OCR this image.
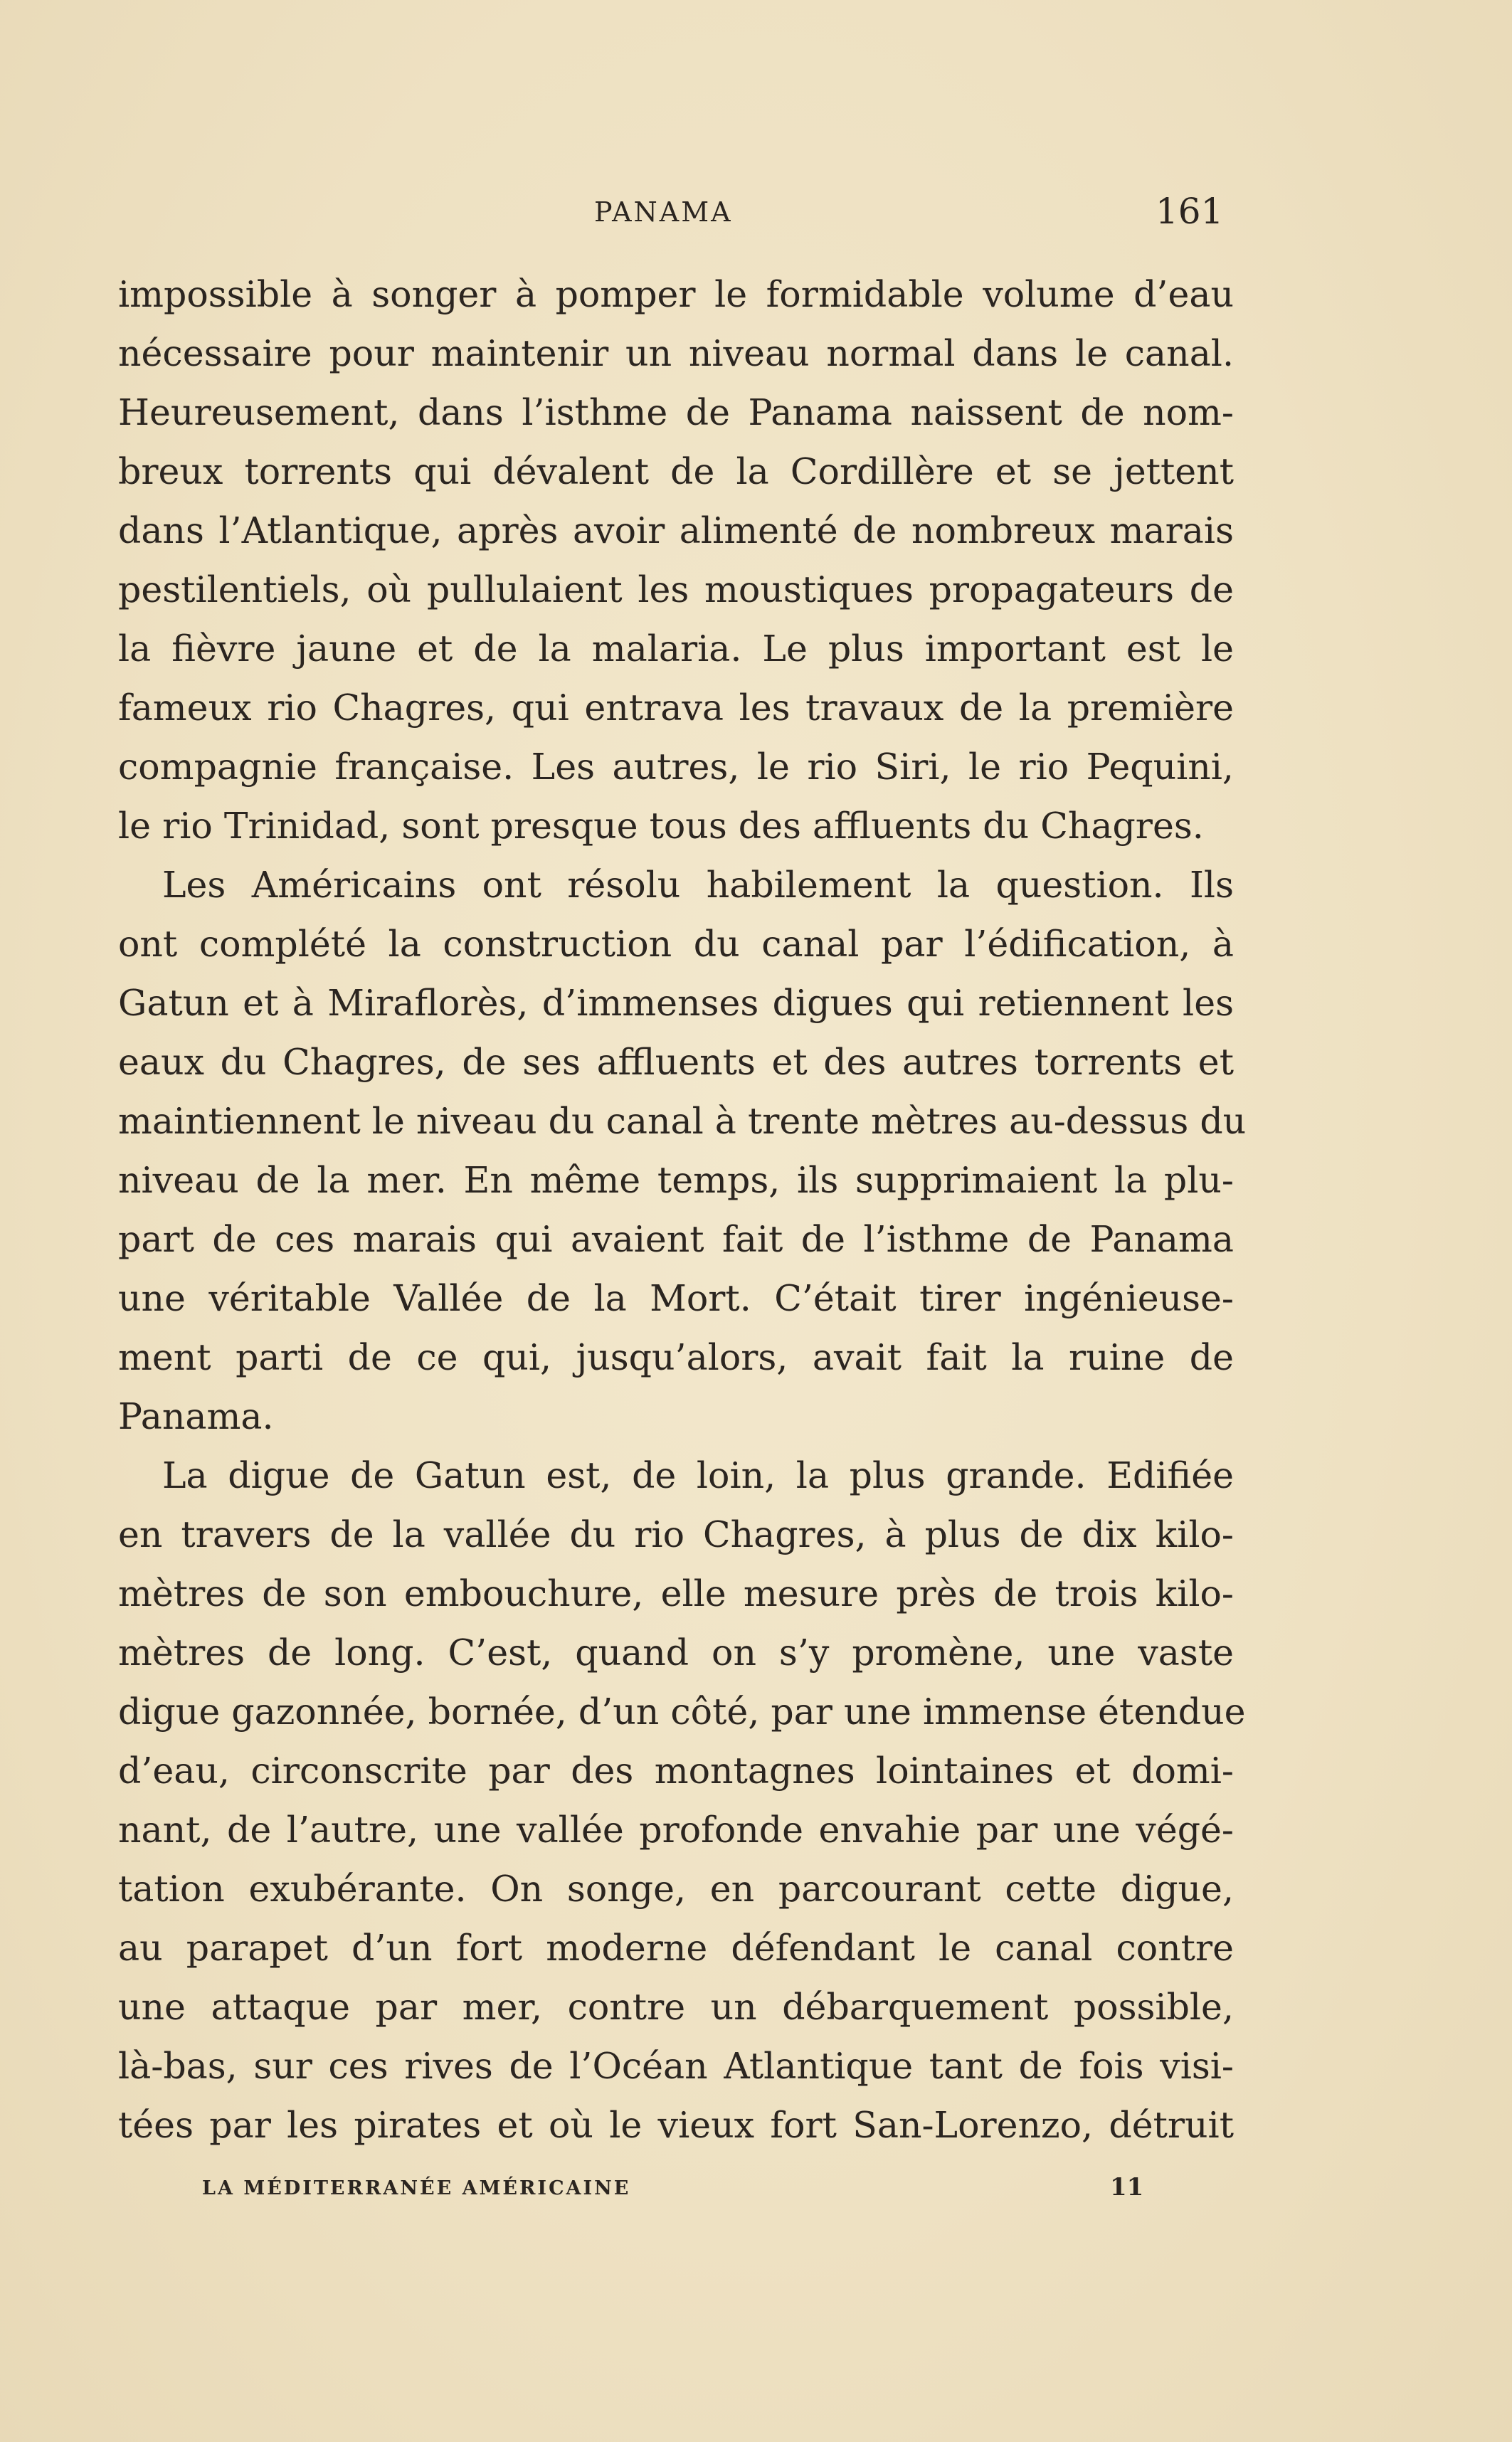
PANAMA	161
impossible à songer à pomper le formidable volume d’eau
nécessaire pour maintenir un niveau normal dans le canal.
Heureusement, dans l’isthme de Panama naissent de nom-
breux torrents qui dévalent de la Cordillère et se jettent
dans l’Atlantique, après avoir alimenté de nombreux marais
pestilentiels, où pullulaient les moustiques propagateurs de
la fièvre jaune et de la malaria. Le plus important est le
fameux rio Chagres, qui entrava les travaux de la première
compagnie française. Les autres, le rio Siri, le rio Pequini,
le rio Trinidad, sont presque tous des affluents du Chagres.
Les Américains ont résolu habilement la question. Ils
ont complété la construction du canal par l’édification, à
Gatun et à Miraflorès, d’immenses digues qui retiennent les
eaux du Chagres, de ses affluents et des autres torrents et
maintiennent le niveau du canal à trente mètres au-dessus du
niveau de la mer. En même temps, ils supprimaient la plu-
part de ces marais qui avaient fait de l’isthme de Panama
une véritable Vallée de la Mort. C’était tirer ingénieuse-
ment parti de ce qui, jusqu’alors, avait fait la ruine de
Panama.
La digue de Gatun est, de loin, la plus grande. Edifiée
en travers de la vallée du rio Chagres, à plus de dix kilo-
mètres de son embouchure, elle mesure près de trois kilo-
mètres de long. C’est, quand on s’y promène, une vaste
digue gazonnée, bornée, d’un côté, par une immense étendue
d’eau, circonscrite par des montagnes lointaines et domi-
nant, de l’autre, une vallée profonde envahie par une végé-
tation exubérante. On songe, en parcourant cette digue,
au parapet d’un fort moderne défendant le canal contre
une attaque par mer, contre un débarquement possible,
là-bas, sur ces rives de l’Océan Atlantique tant de fois visi-
tées par les pirates et où le vieux fort San-Lorenzo, détruit
LA MÉDITERRANÉE AMÉRICAINE	11
